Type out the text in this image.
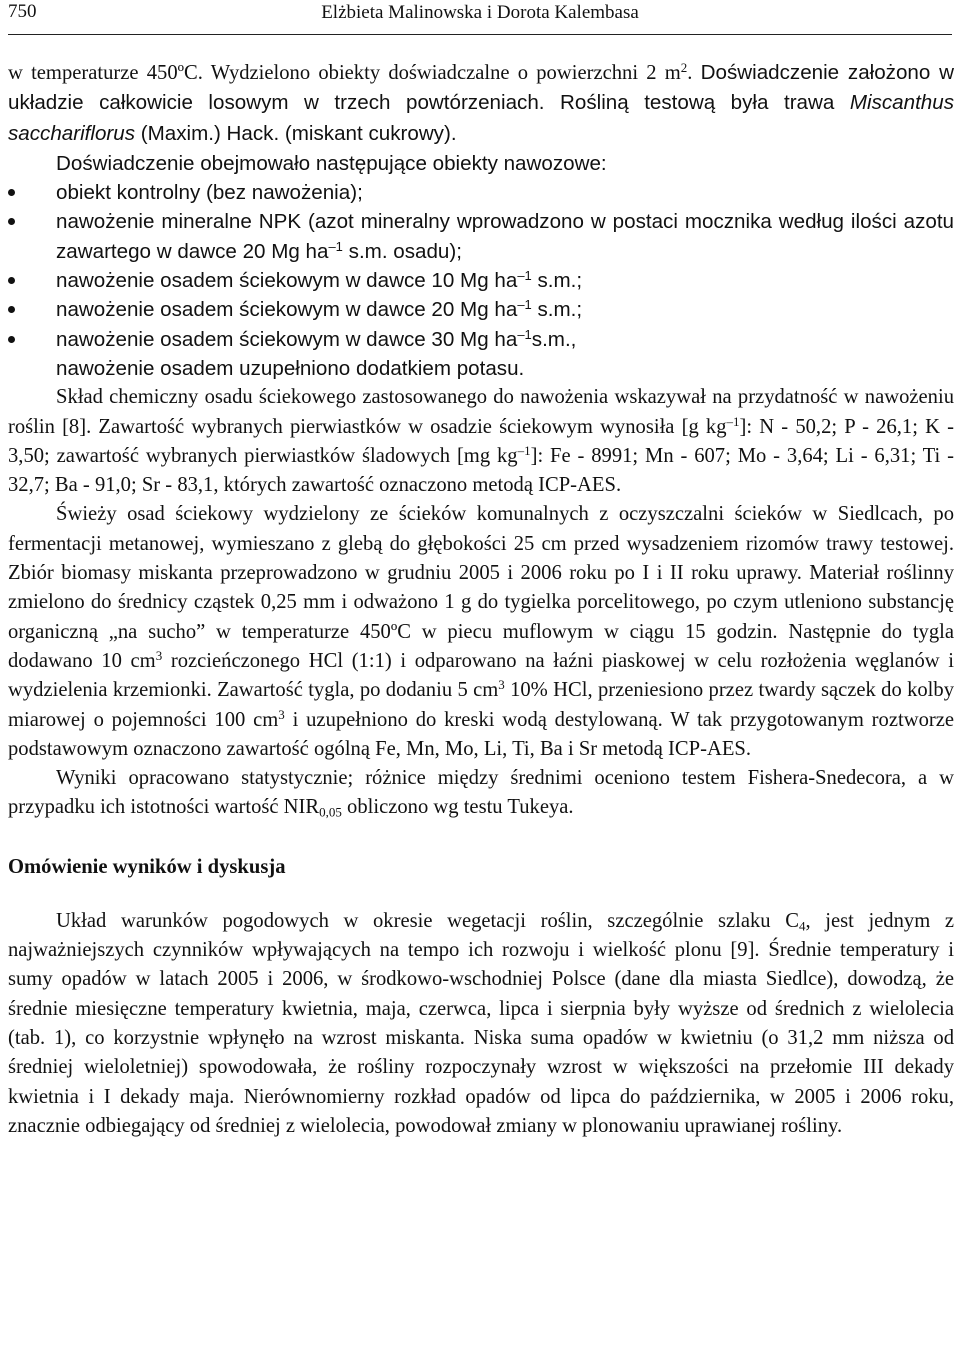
750	Elżbieta Malinowska i Dorota Kalembasa

w temperaturze 450ºC. Wydzielono obiekty doświadczalne o powierzchni 2 $m^2$. Doświadczenie założono w układzie całkowicie losowym w trzech powtórzeniach. Rośliną testową była trawa Miscanthus sacchariflorus (Maxim.) Hack. (miskant cukrowy).

Doświadczenie obejmowało następujące obiekty nawozowe:

obiekt kontrolny (bez nawożenia);
nawożenie mineralne NPK (azot mineralny wprowadzono w postaci mocznika według ilości azotu zawartego w dawce 20 Mg $ha^{-1}$ s.m. osadu);
nawożenie osadem ściekowym w dawce 10 Mg $ha^{-1}$ s.m.;
nawożenie osadem ściekowym w dawce 20 Mg $ha^{-1}$ s.m.;
nawożenie osadem ściekowym w dawce 30 Mg $ha^{-1}s.m$.,

nawożenie osadem uzupełniono dodatkiem potasu.

Skład chemiczny osadu ściekowego zastosowanego do nawożenia wskazywał na przydatność w nawożeniu roślin [8]. Zawartość wybranych pierwiastków w osadzie ściekowym wynosiła [g $kg^{-1}$]: N - 50,2; P - 26,1; K - 3,50; zawartość wybranych pierwiastków śladowych [mg $kg^{-1}$]: Fe - 8991; Mn - 607; Mo - 3,64; Li - 6,31; Ti - 32,7; Ba - 91,0; Sr - 83,1, których zawartość oznaczono metodą ICP-AES.

Świeży osad ściekowy wydzielony ze ścieków komunalnych z oczyszczalni ścieków w Siedlcach, po fermentacji metanowej, wymieszano z glebą do głębokości 25 cm przed wysadzeniem rizomów trawy testowej. Zbiór biomasy miskanta przeprowadzono w grudniu 2005 i 2006 roku po I i II roku uprawy. Materiał roślinny zmielono do średnicy cząstek 0,25 mm i odważono 1 g do tygielka porcelitowego, po czym utleniono substancję organiczną „na sucho” w temperaturze 450ºC w piecu muflowym w ciągu 15 godzin. Następnie do tygla dodawano 10 $cm^3$ rozcieńczonego HCl (1:1) i odparowano na łaźni piaskowej w celu rozłożenia węglanów i wydzielenia krzemionki. Zawartość tygla, po dodaniu 5 $cm^3$ 10% HCl, przeniesiono przez twardy sączek do kolby miarowej o pojemności 100 $cm^3$ i uzupełniono do kreski wodą destylowaną. W tak przygotowanym roztworze podstawowym oznaczono zawartość ogólną Fe, Mn, Mo, Li, Ti, Ba i Sr metodą ICP-AES.

Wyniki opracowano statystycznie; różnice między średnimi oceniono testem Fishera-Snedecora, a w przypadku ich istotności wartość $NIR_{0,05}$ obliczono wg testu Tukeya.

Omówienie wyników i dyskusja

Układ warunków pogodowych w okresie wegetacji roślin, szczególnie szlaku $C_4$, jest jednym z najważniejszych czynników wpływających na tempo ich rozwoju i wielkość plonu [9]. Średnie temperatury i sumy opadów w latach 2005 i 2006, w środkowo-wschodniej Polsce (dane dla miasta Siedlce), dowodzą, że średnie miesięczne temperatury kwietnia, maja, czerwca, lipca i sierpnia były wyższe od średnich z wielolecia (tab. 1), co korzystnie wpłynęło na wzrost miskanta. Niska suma opadów w kwietniu (o 31,2 mm niższa od średniej wieloletniej) spowodowała, że rośliny rozpoczynały wzrost w większości na przełomie III dekady kwietnia i I dekady maja. Nierównomierny rozkład opadów od lipca do października, w 2005 i 2006 roku, znacznie odbiegający od średniej z wielolecia, powodował zmiany w plonowaniu uprawianej rośliny.
